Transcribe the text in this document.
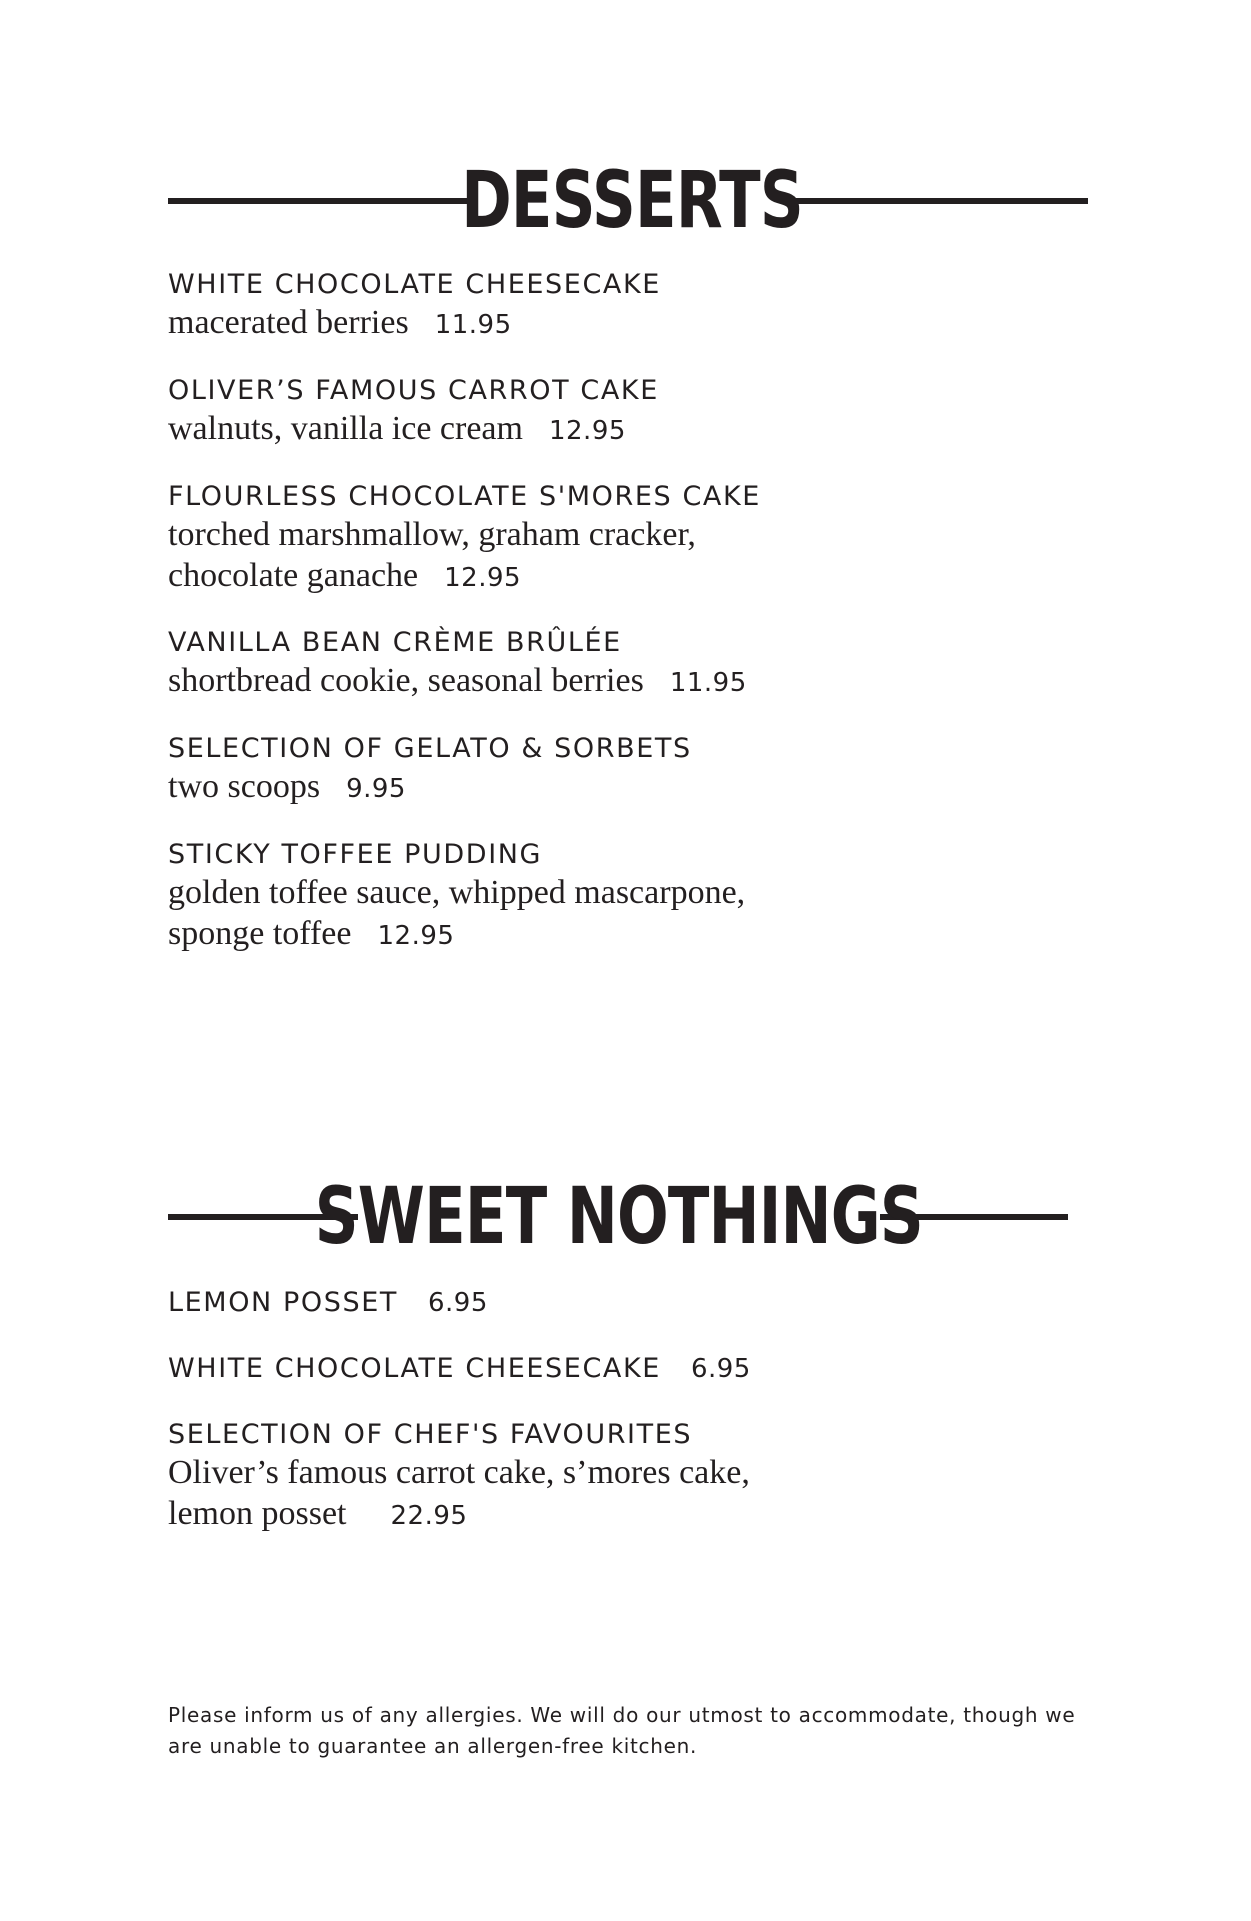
DESSERTS
WHITE CHOCOLATE CHEESECAKE
macerated berries 11.95
OLIVER’S FAMOUS CARROT CAKE
walnuts, vanilla ice cream 12.95
FLOURLESS CHOCOLATE S'MORES CAKE
torched marshmallow, graham cracker,
chocolate ganache 12.95
VANILLA BEAN CRÈME BRÛLÉE
shortbread cookie, seasonal berries 11.95
SELECTION OF GELATO & SORBETS
two scoops 9.95
STICKY TOFFEE PUDDING
golden toffee sauce, whipped mascarpone,
sponge toffee 12.95
SWEET NOTHINGS
LEMON POSSET 6.95
WHITE CHOCOLATE CHEESECAKE 6.95
SELECTION OF CHEF'S FAVOURITES
Oliver’s famous carrot cake, s’mores cake,
lemon posset 22.95
Please inform us of any allergies. We will do our utmost to accommodate, though we are unable to guarantee an allergen-free kitchen.
